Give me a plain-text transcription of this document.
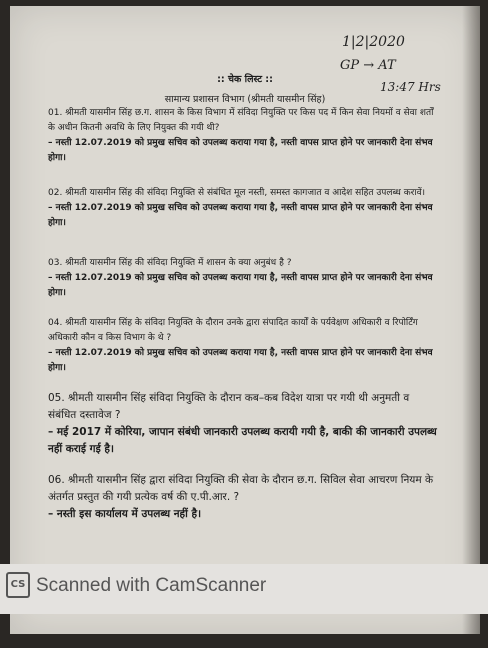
1|2|2020
GP → AT
13:47 Hrs
:: चेक लिस्ट ::
सामान्य प्रशासन विभाग (श्रीमती यासमीन सिंह)
01. श्रीमती यासमीन सिंह छ.ग. शासन के किस विभाग में संविदा नियुक्ति पर किस पद में किन सेवा नियमों व सेवा शर्तों के अधीन कितनी अवधि के लिए नियुक्त की गयी थी?
– नस्ती 12.07.2019 को प्रमुख सचिव को उपलब्ध कराया गया है, नस्ती वापस प्राप्त होने पर जानकारी देना संभव होगा।
02. श्रीमती यासमीन सिंह की संविदा नियुक्ति से संबंधित मूल नस्ती, समस्त कागजात व आदेश सहित उपलब्ध करावें।
– नस्ती 12.07.2019 को प्रमुख सचिव को उपलब्ध कराया गया है, नस्ती वापस प्राप्त होने पर जानकारी देना संभव होगा।
03. श्रीमती यासमीन सिंह की संविदा नियुक्ति में शासन के क्या अनुबंध है ?
– नस्ती 12.07.2019 को प्रमुख सचिव को उपलब्ध कराया गया है, नस्ती वापस प्राप्त होने पर जानकारी देना संभव होगा।
04. श्रीमती यासमीन सिंह के संविदा नियुक्ति के दौरान उनके द्वारा संपादित कार्यों के पर्यवेक्षण अधिकारी व रिपोर्टिंग अधिकारी कौन व किस विभाग के थे ?
– नस्ती 12.07.2019 को प्रमुख सचिव को उपलब्ध कराया गया है, नस्ती वापस प्राप्त होने पर जानकारी देना संभव होगा।
05. श्रीमती यासमीन सिंह संविदा नियुक्ति के दौरान कब–कब विदेश यात्रा पर गयी थी अनुमती व संबंधित दस्तावेज ?
– मई 2017 में कोरिया, जापान संबंधी जानकारी उपलब्ध करायी गयी है, बाकी की जानकारी उपलब्ध नहीं कराई गई है।
06. श्रीमती यासमीन सिंह द्वारा संविदा नियुक्ति की सेवा के दौरान छ.ग. सिविल सेवा आचरण नियम के अंतर्गत प्रस्तुत की गयी प्रत्येक वर्ष की ए.पी.आर. ?
– नस्ती इस कार्यालय में उपलब्ध नहीं है।
CS Scanned with CamScanner
